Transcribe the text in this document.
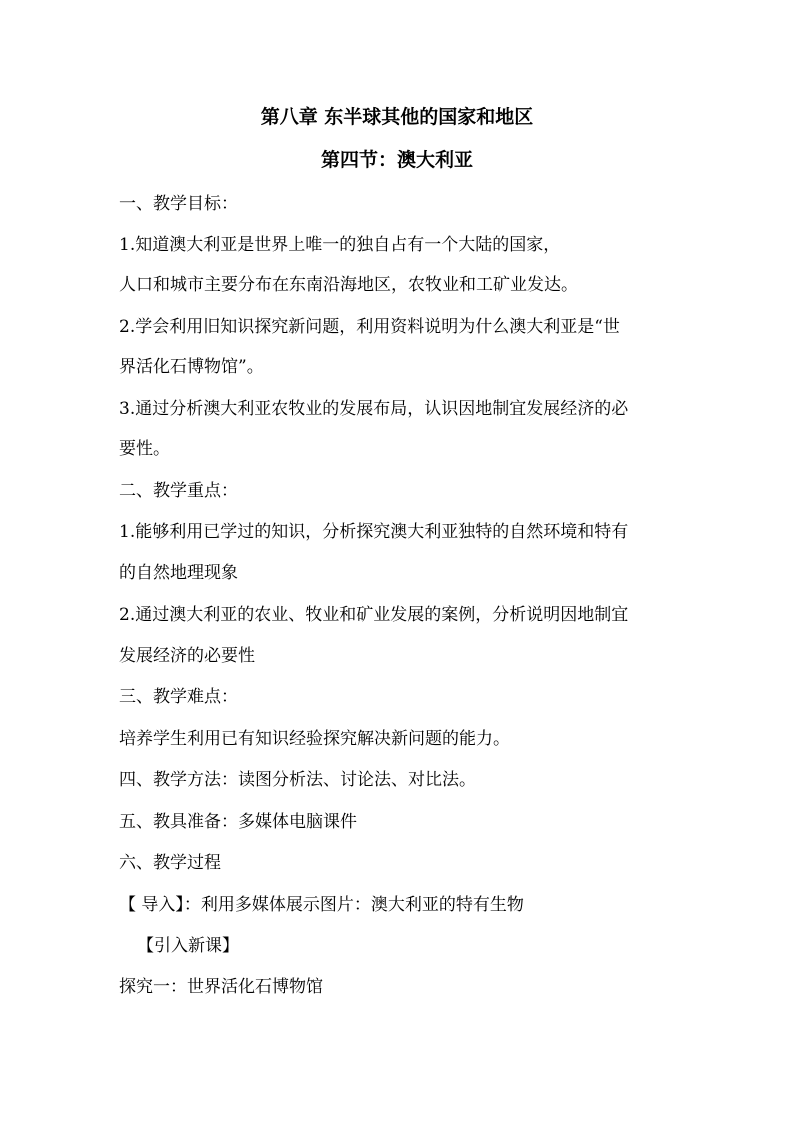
第八章 东半球其他的国家和地区
第四节：澳大利亚
一、教学目标：
1.知道澳大利亚是世界上唯一的独自占有一个大陆的国家，
人口和城市主要分布在东南沿海地区，农牧业和工矿业发达。
2.学会利用旧知识探究新问题，利用资料说明为什么澳大利亚是“世
界活化石博物馆”。
3.通过分析澳大利亚农牧业的发展布局，认识因地制宜发展经济的必
要性。
二、教学重点：
1.能够利用已学过的知识，分析探究澳大利亚独特的自然环境和特有
的自然地理现象
2.通过澳大利亚的农业、牧业和矿业发展的案例，分析说明因地制宜
发展经济的必要性
三、教学难点：
培养学生利用已有知识经验探究解决新问题的能力。
四、教学方法：读图分析法、讨论法、对比法。
五、教具准备：多媒体电脑课件
六、教学过程
【 导入】：利用多媒体展示图片：澳大利亚的特有生物
【引入新课】
探究一：世界活化石博物馆
